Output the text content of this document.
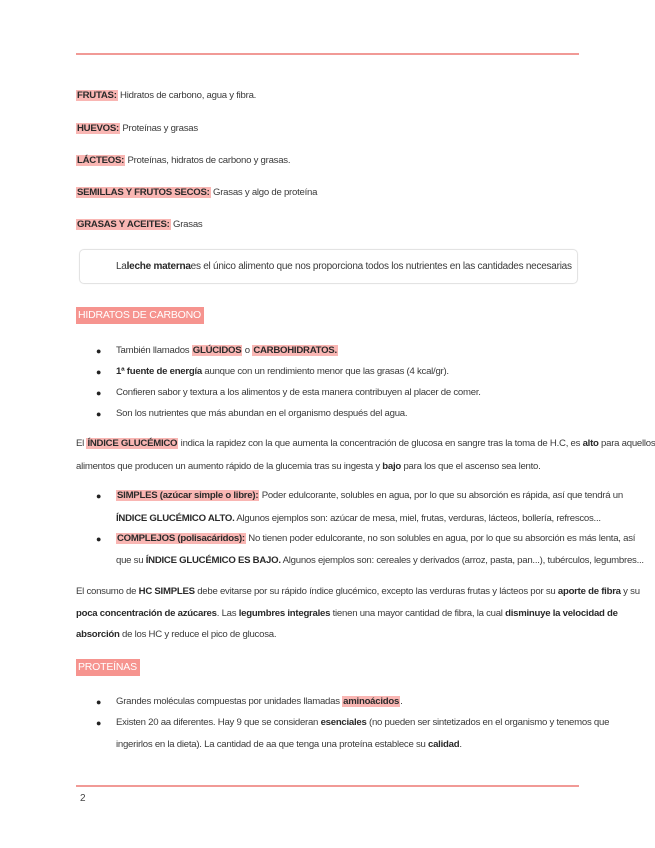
FRUTAS: Hidratos de carbono, agua y fibra.
HUEVOS: Proteínas y grasas
LÁCTEOS: Proteínas, hidratos de carbono y grasas.
SEMILLAS Y FRUTOS SECOS: Grasas y algo de proteína
GRASAS Y ACEITES: Grasas
La leche materna es el único alimento que nos proporciona todos los nutrientes en las cantidades necesarias
HIDRATOS DE CARBONO
● También llamados GLÚCIDOS o CARBOHIDRATOS.
● 1ª fuente de energía aunque con un rendimiento menor que las grasas (4 kcal/gr).
● Confieren sabor y textura a los alimentos y de esta manera contribuyen al placer de comer.
● Son los nutrientes que más abundan en el organismo después del agua.
El ÍNDICE GLUCÉMICO indica la rapidez con la que aumenta la concentración de glucosa en sangre tras la toma de H.C, es alto para aquellos
alimentos que producen un aumento rápido de la glucemia tras su ingesta y bajo para los que el ascenso sea lento.
● SIMPLES (azúcar simple o libre): Poder edulcorante, solubles en agua, por lo que su absorción es rápida, así que tendrá un
ÍNDICE GLUCÉMICO ALTO. Algunos ejemplos son: azúcar de mesa, miel, frutas, verduras, lácteos, bollería, refrescos...
● COMPLEJOS (polisacáridos): No tienen poder edulcorante, no son solubles en agua, por lo que su absorción es más lenta, así
que su ÍNDICE GLUCÉMICO ES BAJO. Algunos ejemplos son: cereales y derivados (arroz, pasta, pan...), tubérculos, legumbres...
El consumo de HC SIMPLES debe evitarse por su rápido índice glucémico, excepto las verduras frutas y lácteos por su aporte de fibra y su
poca concentración de azúcares. Las legumbres integrales tienen una mayor cantidad de fibra, la cual disminuye la velocidad de
absorción de los HC y reduce el pico de glucosa.
PROTEÍNAS
● Grandes moléculas compuestas por unidades llamadas aminoácidos.
● Existen 20 aa diferentes. Hay 9 que se consideran esenciales (no pueden ser sintetizados en el organismo y tenemos que
ingerirlos en la dieta). La cantidad de aa que tenga una proteína establece su calidad.
2
